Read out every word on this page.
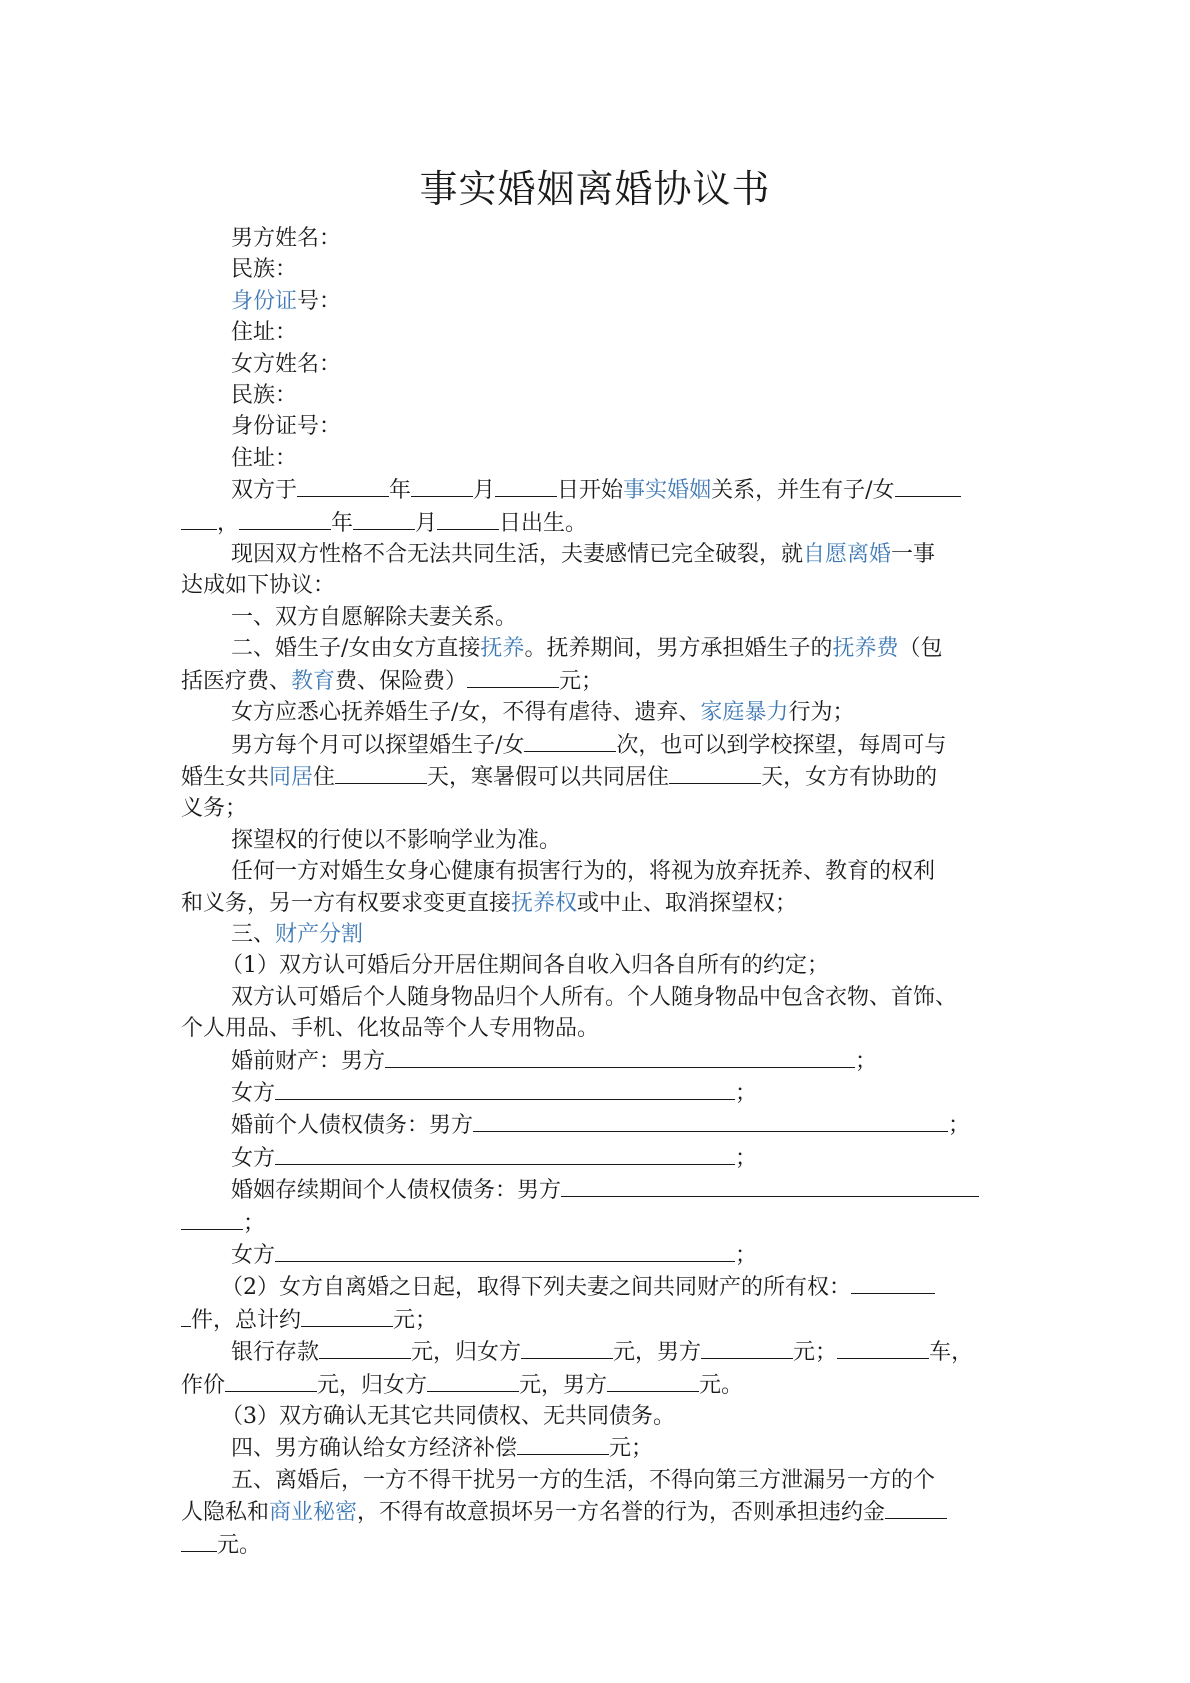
事实婚姻离婚协议书

男方姓名：

民族：

身份证号：

住址：

女方姓名：

民族：

身份证号：

住址：

双方于	年	月	日开始事实婚姻关系，并生有子/女

，	年	月	日出生。

现因双方性格不合无法共同生活，夫妻感情已完全破裂，就自愿离婚一事

达成如下协议：

一、双方自愿解除夫妻关系。

二、婚生子/女由女方直接抚养。抚养期间，男方承担婚生子的抚养费（包

括医疗费、教育费、保险费）	元；

女方应悉心抚养婚生子/女，不得有虐待、遗弃、家庭暴力行为；

男方每个月可以探望婚生子/女	次，也可以到学校探望，每周可与

婚生女共同居住	天，寒暑假可以共同居住	天，女方有协助的

义务；

探望权的行使以不影响学业为准。

任何一方对婚生女身心健康有损害行为的，将视为放弃抚养、教育的权利

和义务，另一方有权要求变更直接抚养权或中止、取消探望权；

三、财产分割

（1）双方认可婚后分开居住期间各自收入归各自所有的约定；

双方认可婚后个人随身物品归个人所有。个人随身物品中包含衣物、首饰、

个人用品、手机、化妆品等个人专用物品。

婚前财产：男方	；

女方	；

婚前个人债权债务：男方	；

女方	；

婚姻存续期间个人债权债务：男方

；

女方	；

（2）女方自离婚之日起，取得下列夫妻之间共同财产的所有权：

件，总计约	元；

银行存款	元，归女方	元，男方	元；	车，

作价	元，归女方	元，男方	元。

（3）双方确认无其它共同债权、无共同债务。

四、男方确认给女方经济补偿	元；

五、离婚后，一方不得干扰另一方的生活，不得向第三方泄漏另一方的个

人隐私和商业秘密，不得有故意损坏另一方名誉的行为，否则承担违约金

元。
